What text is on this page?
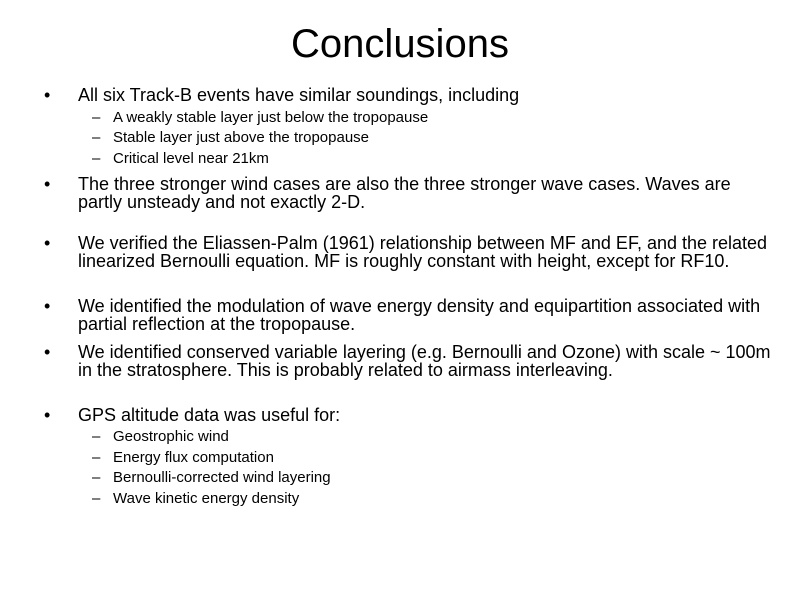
Conclusions
• All six Track-B events have similar soundings, including
– A weakly stable layer just below the tropopause
– Stable layer just above the tropopause
– Critical level near 21km
• The three stronger wind cases are also the three stronger wave cases. Waves are partly unsteady and not exactly 2-D.
• We verified the Eliassen-Palm (1961) relationship between MF and EF, and the related linearized Bernoulli equation. MF is roughly constant with height, except for RF10.
• We identified the modulation of wave energy density and equipartition associated with partial reflection at the tropopause.
• We identified conserved variable layering (e.g. Bernoulli and Ozone) with scale ~ 100m in the stratosphere. This is probably related to airmass interleaving.
• GPS altitude data was useful for:
– Geostrophic wind
– Energy flux computation
– Bernoulli-corrected wind layering
– Wave kinetic energy density
